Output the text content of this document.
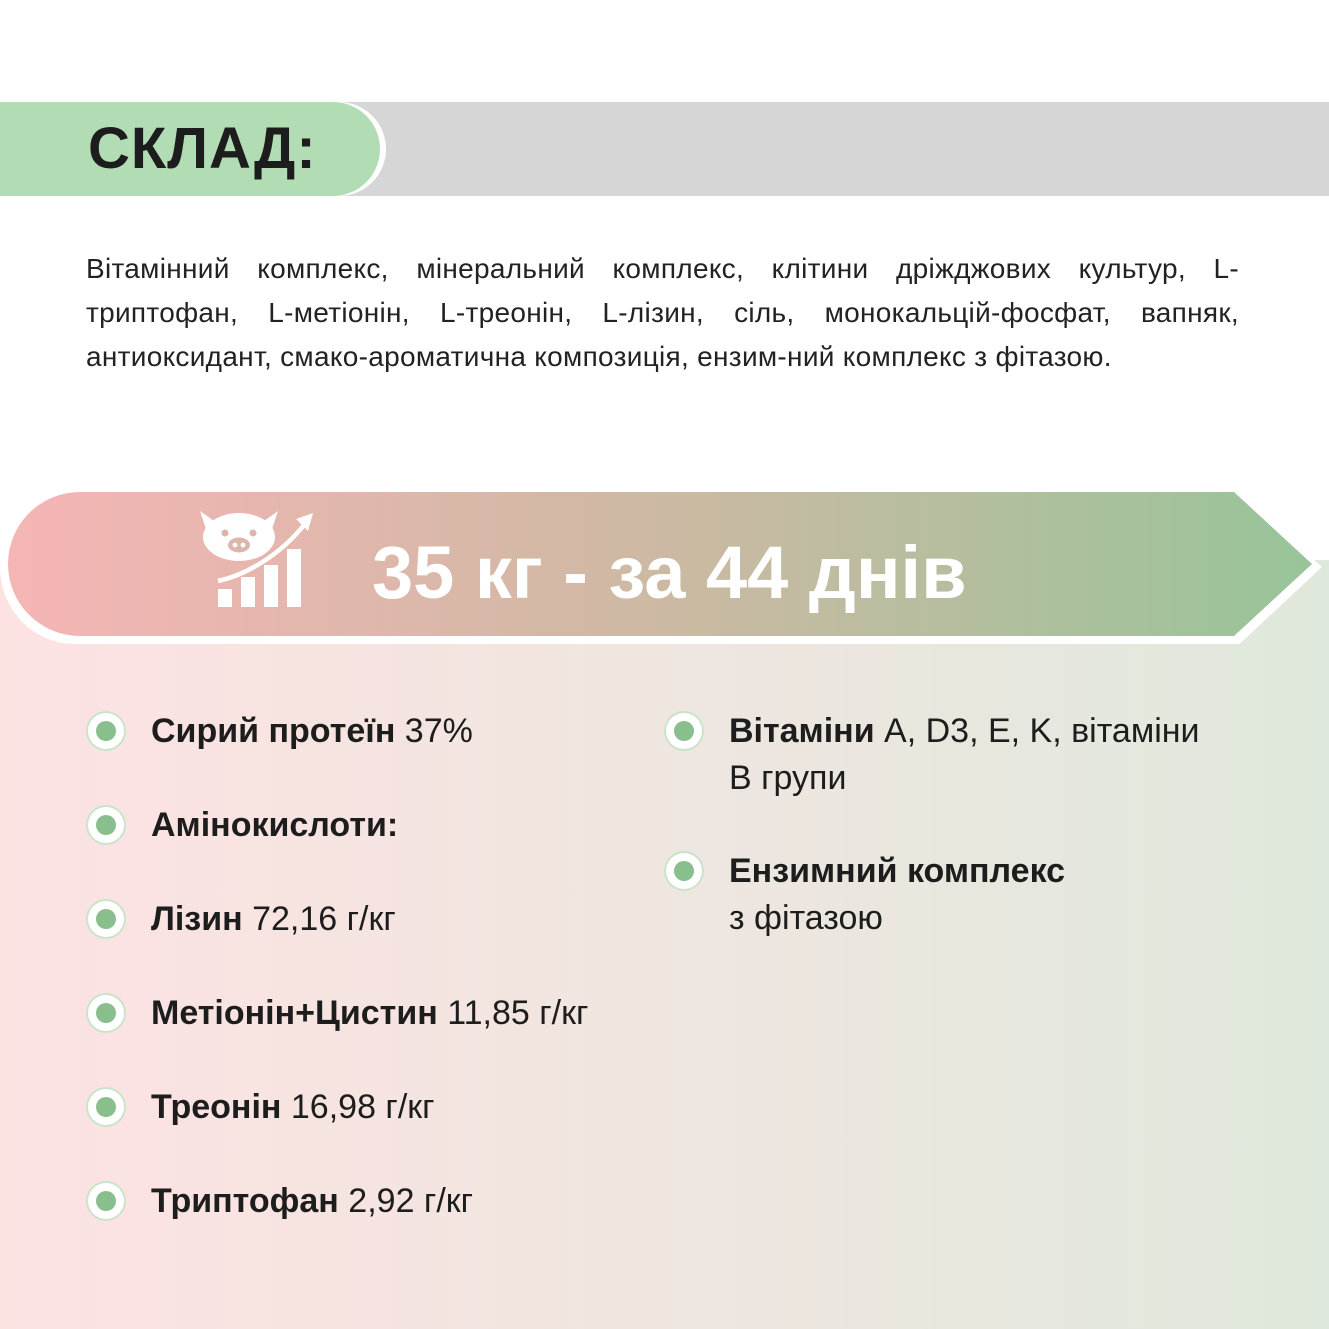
СКЛАД:

Вітамінний комплекс, мінеральний комплекс, клітини дріжджових культур, L-триптофан, L-метіонін, L-треонін, L-лізин, сіль, монокальцій-фосфат, вапняк, антиоксидант, смако-ароматична композиція, ензим-ний комплекс з фітазою.

35 кг - за 44 днів

Сирий протеїн 37%
Амінокислоти:
Лізин 72,16 г/кг
Метіонін+Цистин 11,85 г/кг
Треонін 16,98 г/кг
Триптофан 2,92 г/кг
Вітаміни A, D3, E, K, вітаміни B групи
Ензимний комплекс
з фітазою
